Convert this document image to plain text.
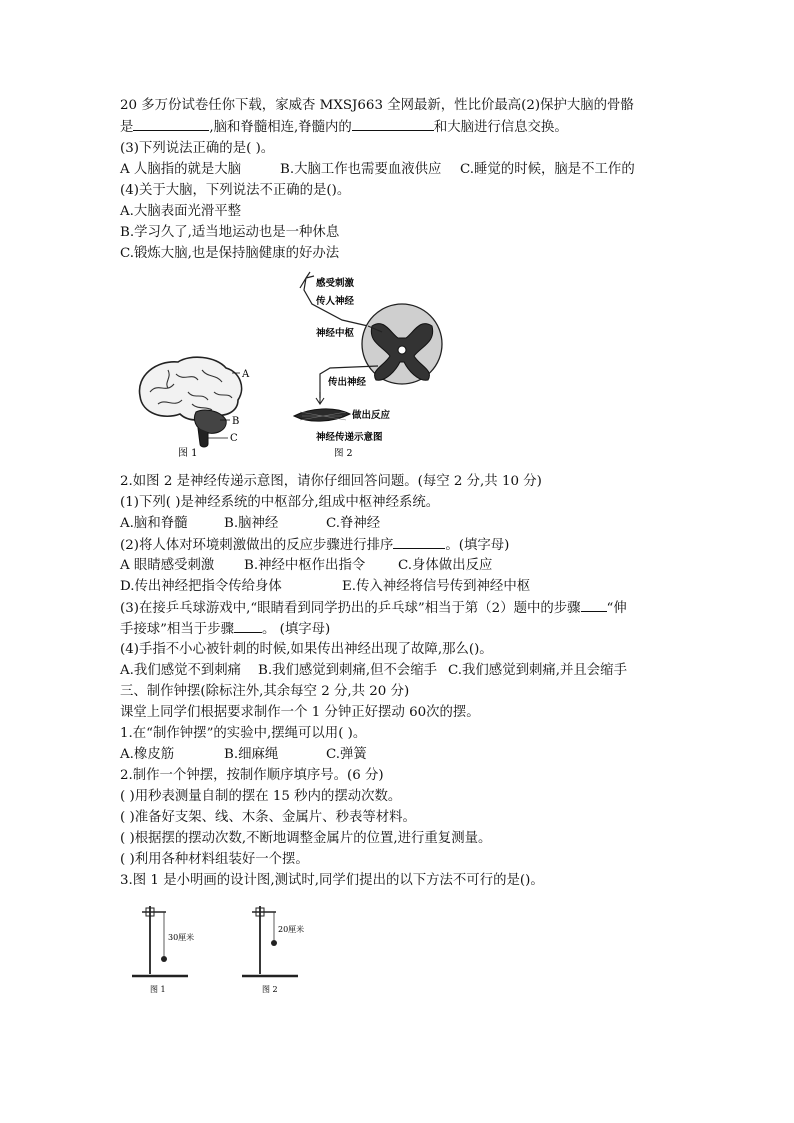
20 多万份试卷任你下载，家威杏 MXSJ663 全网最新，性比价最高(2)保护大脑的骨骼
是	,脑和脊髓相连,脊髓内的	和大脑进行信息交换。
(3)下列说法正确的是( )。
A 人脑指的就是大脑	B.大脑工作也需要血液供应 C.睡觉的时候，脑是不工作的
(4)关于大脑，下列说法不正确的是()。
A.大脑表面光滑平整
B.学习久了,适当地运动也是一种休息
C.锻炼大脑,也是保持脑健康的好办法
A
B
C
图 1
感受刺激
传人神经
神经中枢
传出神经
做出反应
神经传递示意图
图 2
2.如图 2 是神经传递示意图，请你仔细回答问题。(每空 2 分,共 10 分)
(1)下列( )是神经系统的中枢部分,组成中枢神经系统。
A.脑和脊髓	B.脑神经	C.脊神经
(2)将人体对环境刺激做出的反应步骤进行排序	。(填字母)
A 眼睛感受刺激 B.神经中枢作出指令 C.身体做出反应
D.传出神经把指令传给身体	E.传入神经将信号传到神经中枢
(3)在接乒乓球游戏中,“眼睛看到同学扔出的乒乓球”相当于第（2）题中的步骤 “伸
手接球”相当于步骤 。 (填字母)
(4)手指不小心被针刺的时候,如果传出神经出现了故障,那么()。
A.我们感觉不到刺痛 B.我们感觉到刺痛,但不会缩手 C.我们感觉到刺痛,并且会缩手
三、制作钟摆(除标注外,其余每空 2 分,共 20 分)
课堂上同学们根据要求制作一个 1 分钟正好摆动 60次的摆。
1.在“制作钟摆”的实验中,摆绳可以用( )。
A.橡皮筋	B.细麻绳	C.弹簧
2.制作一个钟摆，按制作顺序填序号。(6 分)
( )用秒表测量自制的摆在 15 秒内的摆动次数。
( )准备好支架、线、木条、金属片、秒表等材料。
( )根据摆的摆动次数,不断地调整金属片的位置,进行重复测量。
( )利用各种材料组装好一个摆。
3.图 1 是小明画的设计图,测试时,同学们提出的以下方法不可行的是()。
30厘米
图 1
20厘米
图 2
